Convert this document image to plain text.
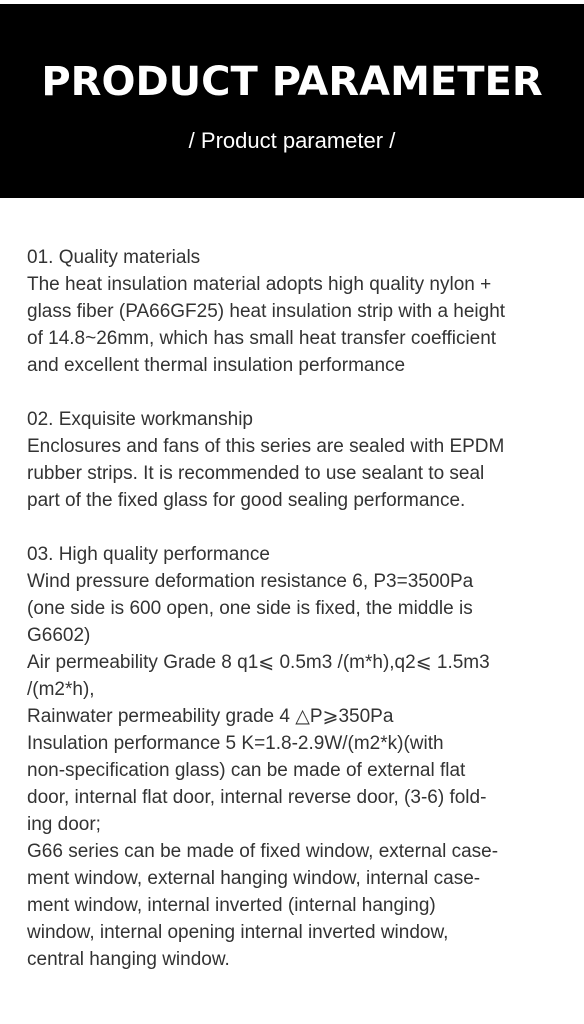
PRODUCT PARAMETER
/ Product parameter /
01. Quality materials
The heat insulation material adopts high quality nylon +
glass fiber (PA66GF25) heat insulation strip with a height
of 14.8~26mm, which has small heat transfer coefficient
and excellent thermal insulation performance
02. Exquisite workmanship
Enclosures and fans of this series are sealed with EPDM
rubber strips. It is recommended to use sealant to seal
part of the fixed glass for good sealing performance.
03. High quality performance
Wind pressure deformation resistance 6, P3=3500Pa
(one side is 600 open, one side is fixed, the middle is
G6602)
Air permeability Grade 8 q1⩽ 0.5m3 /(m*h),q2⩽ 1.5m3
/(m2*h),
Rainwater permeability grade 4 △P⩾350Pa
Insulation performance 5 K=1.8-2.9W/(m2*k)(with
non-specification glass) can be made of external flat
door, internal flat door, internal reverse door, (3-6) fold-
ing door;
G66 series can be made of fixed window, external case-
ment window, external hanging window, internal case-
ment window, internal inverted (internal hanging)
window, internal opening internal inverted window,
central hanging window.
